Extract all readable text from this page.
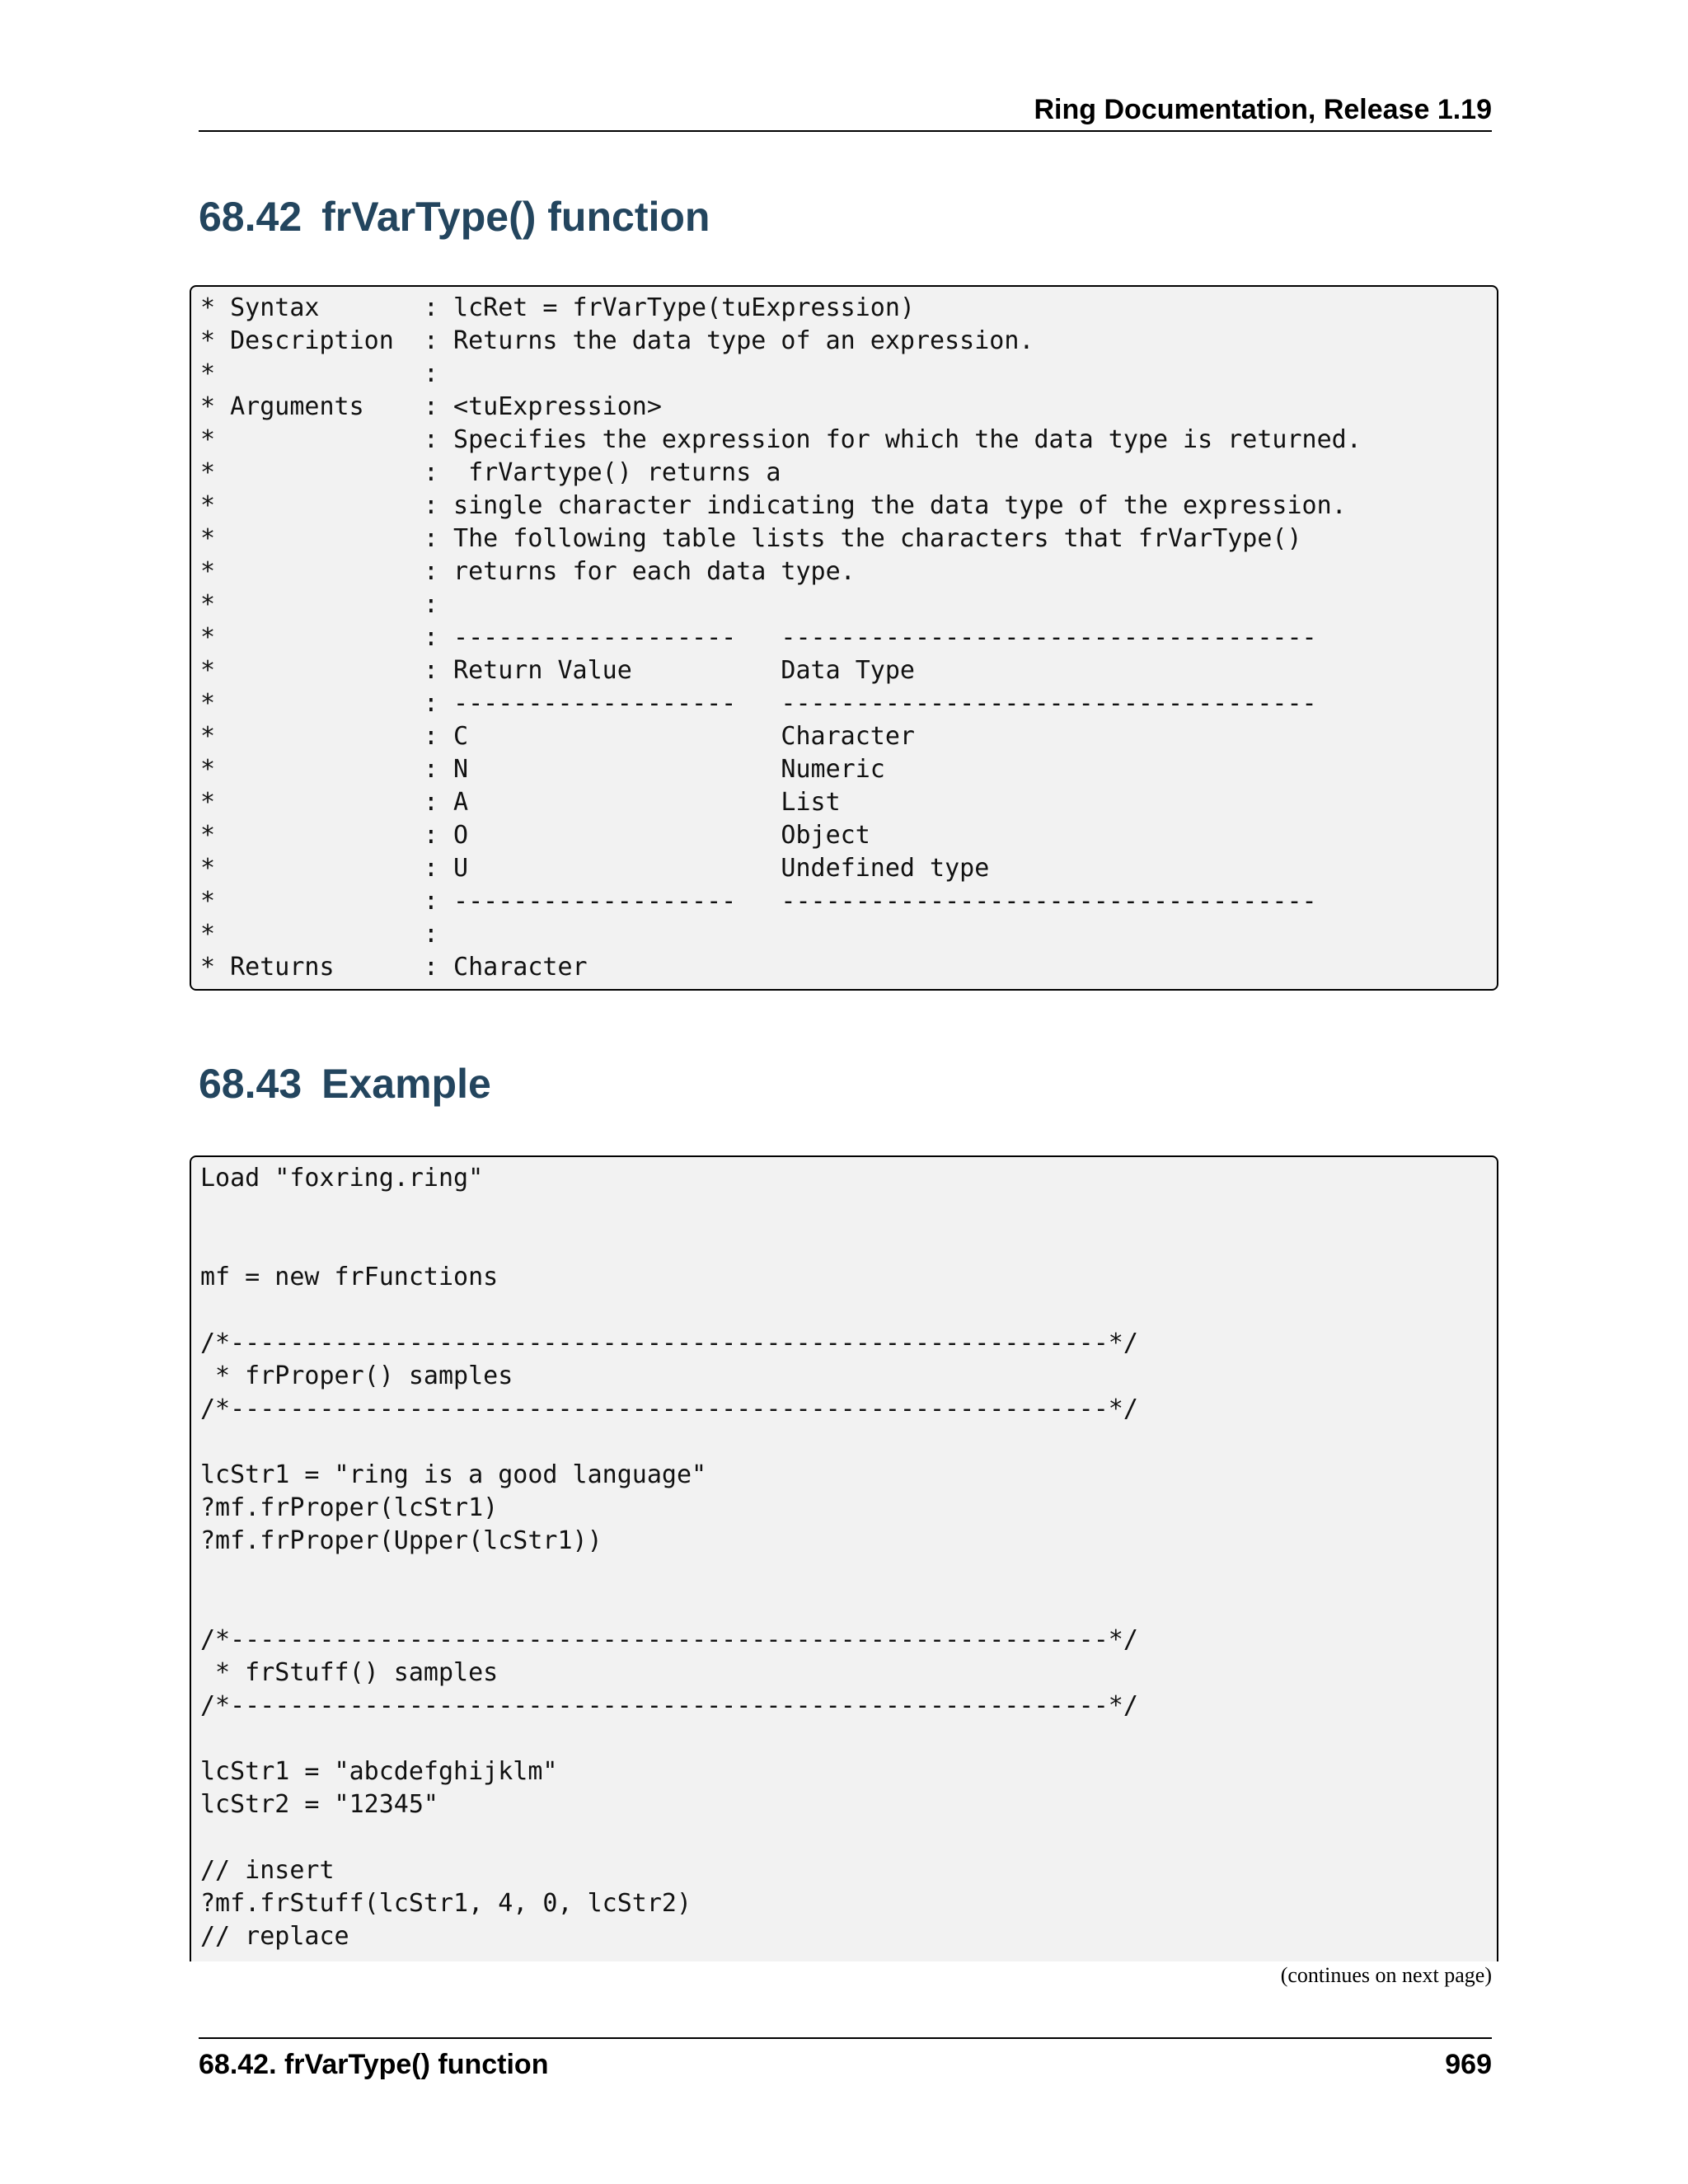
Ring Documentation, Release 1.19
68.42 frVarType() function
* Syntax       : lcRet = frVarType(tuExpression)
* Description  : Returns the data type of an expression.
*              :
* Arguments    : <tuExpression>
*              : Specifies the expression for which the data type is returned.
*              :  frVartype() returns a
*              : single character indicating the data type of the expression.
*              : The following table lists the characters that frVarType()
*              : returns for each data type.
*              :
*              : -------------------   ------------------------------------
*              : Return Value          Data Type
*              : -------------------   ------------------------------------
*              : C                     Character
*              : N                     Numeric
*              : A                     List
*              : O                     Object
*              : U                     Undefined type
*              : -------------------   ------------------------------------
*              :
* Returns      : Character
68.43 Example
Load "foxring.ring"

mf = new frFunctions

/*-----------------------------------------------------------*/
* frProper() samples
/*-----------------------------------------------------------*/

lcStr1 = "ring is a good language"
?mf.frProper(lcStr1)
?mf.frProper(Upper(lcStr1))

/*-----------------------------------------------------------*/
* frStuff() samples
/*-----------------------------------------------------------*/

lcStr1 = "abcdefghijklm"
lcStr2 = "12345"

// insert
?mf.frStuff(lcStr1, 4, 0, lcStr2)
// replace
(continues on next page)
68.42. frVarType() function	969
